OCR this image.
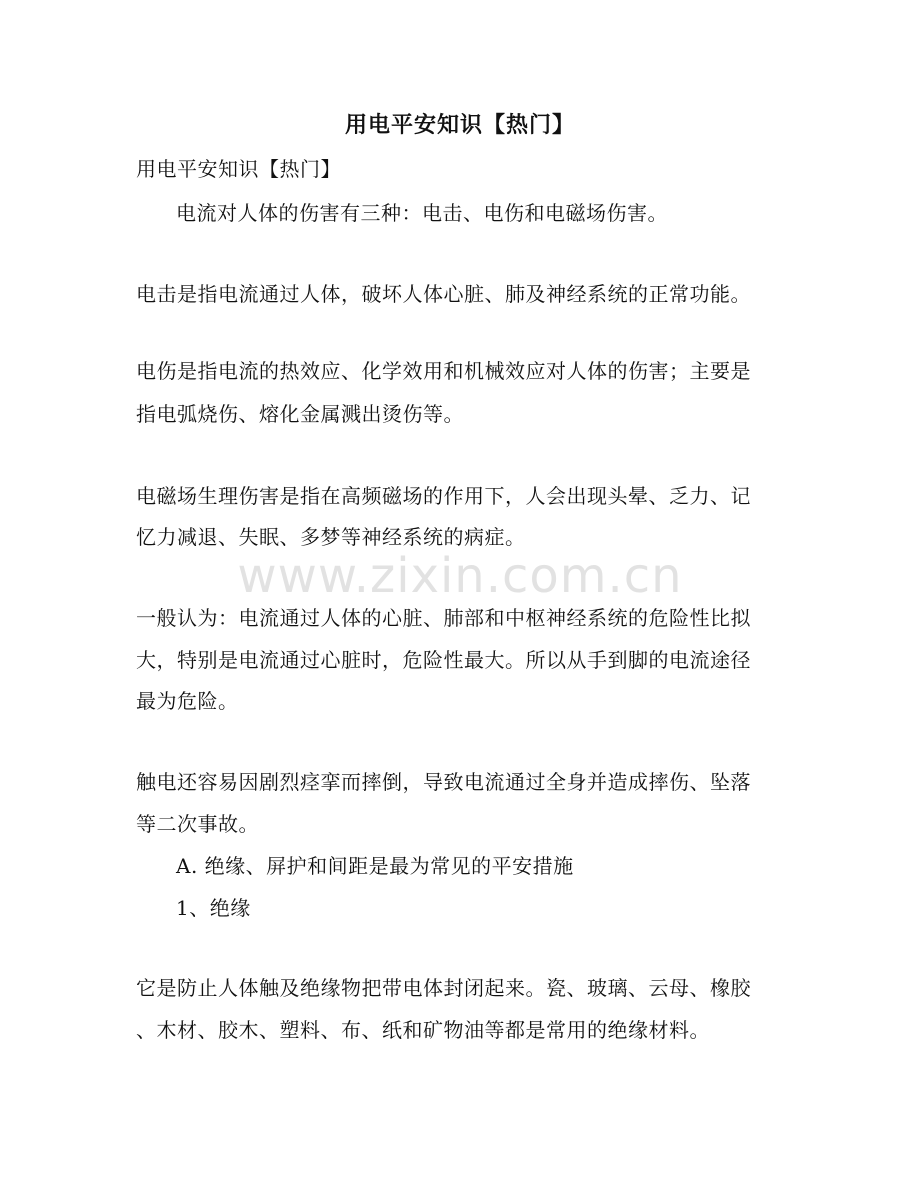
用电平安知识【热门】

用电平安知识【热门】

电流对人体的伤害有三种：电击、电伤和电磁场伤害。

电击是指电流通过人体，破坏人体心脏、肺及神经系统的正常功能。

电伤是指电流的热效应、化学效用和机械效应对人体的伤害；主要是

指电弧烧伤、熔化金属溅出烫伤等。

电磁场生理伤害是指在高频磁场的作用下，人会出现头晕、乏力、记

忆力减退、失眠、多梦等神经系统的病症。

一般认为：电流通过人体的心脏、肺部和中枢神经系统的危险性比拟

大，特别是电流通过心脏时，危险性最大。所以从手到脚的电流途径

最为危险。

触电还容易因剧烈痉挛而摔倒，导致电流通过全身并造成摔伤、坠落

等二次事故。

A. 绝缘、屏护和间距是最为常见的平安措施

1、绝缘

它是防止人体触及绝缘物把带电体封闭起来。瓷、玻璃、云母、橡胶

、木材、胶木、塑料、布、纸和矿物油等都是常用的绝缘材料。

www.zixin.com.cn
